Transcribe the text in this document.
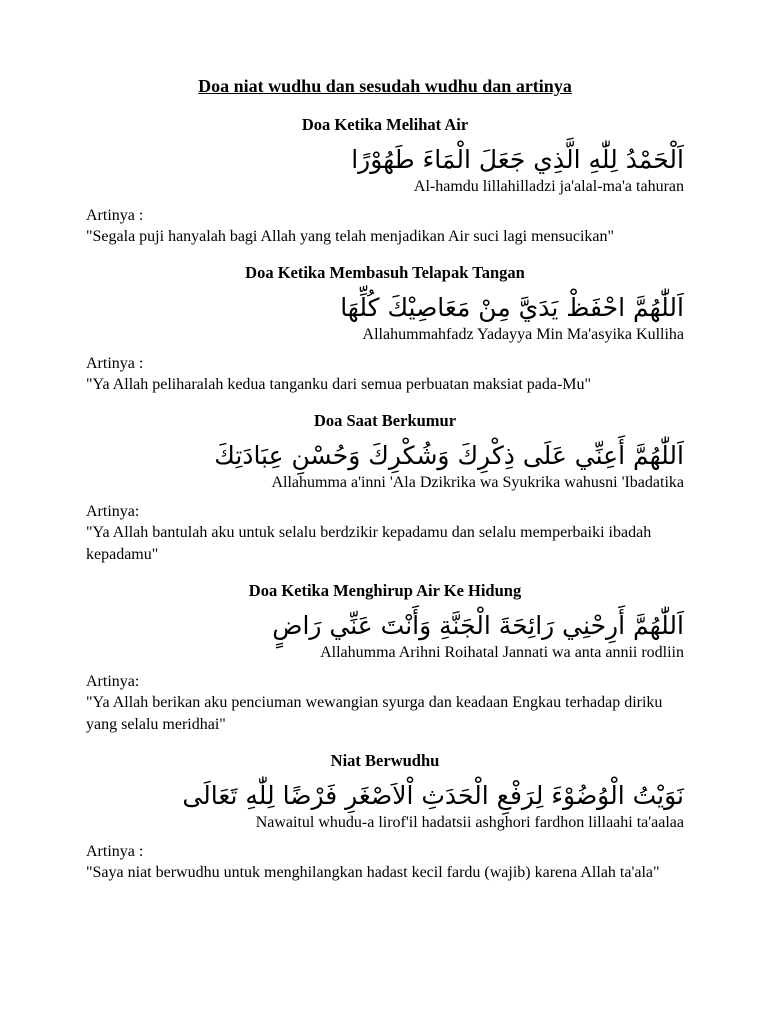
Doa niat wudhu dan sesudah wudhu dan artinya
Doa Ketika Melihat Air
اَلْحَمْدُ لِلّٰهِ الَّذِي جَعَلَ الْمَاءَ طَهُوْرًا
Al-hamdu lillahilladzi ja'alal-ma'a tahuran
Artinya :
"Segala puji hanyalah bagi Allah yang telah menjadikan Air suci lagi mensucikan"
Doa Ketika Membasuh Telapak Tangan
اَللّٰهُمَّ احْفَظْ يَدَيَّ مِنْ مَعَاصِيْكَ كُلِّهَا
Allahummahfadz Yadayya Min Ma'asyika Kulliha
Artinya :
"Ya Allah peliharalah kedua tanganku dari semua perbuatan maksiat pada-Mu"
Doa Saat Berkumur
اَللّٰهُمَّ أَعِنِّي عَلَى ذِكْرِكَ وَشُكْرِكَ وَحُسْنِ عِبَادَتِكَ
Allahumma a'inni 'Ala Dzikrika wa Syukrika wahusni 'Ibadatika
Artinya:
"Ya Allah bantulah aku untuk selalu berdzikir kepadamu dan selalu memperbaiki ibadah kepadamu"
Doa Ketika Menghirup Air Ke Hidung
اَللّٰهُمَّ أَرِحْنِي رَائِحَةَ الْجَنَّةِ وَأَنْتَ عَنِّي رَاضٍ
Allahumma Arihni Roihatal Jannati wa anta annii rodliin
Artinya:
"Ya Allah berikan aku penciuman wewangian syurga dan keadaan Engkau terhadap diriku yang selalu meridhai"
Niat Berwudhu
نَوَيْتُ الْوُضُوْءَ لِرَفْعِ الْحَدَثِ اْلاَصْغَرِ فَرْضًا لِلّٰهِ تَعَالَى
Nawaitul whudu-a lirof'il hadatsii ashghori fardhon lillaahi ta'aalaa
Artinya :
"Saya niat berwudhu untuk menghilangkan hadast kecil fardu (wajib) karena Allah ta'ala"
